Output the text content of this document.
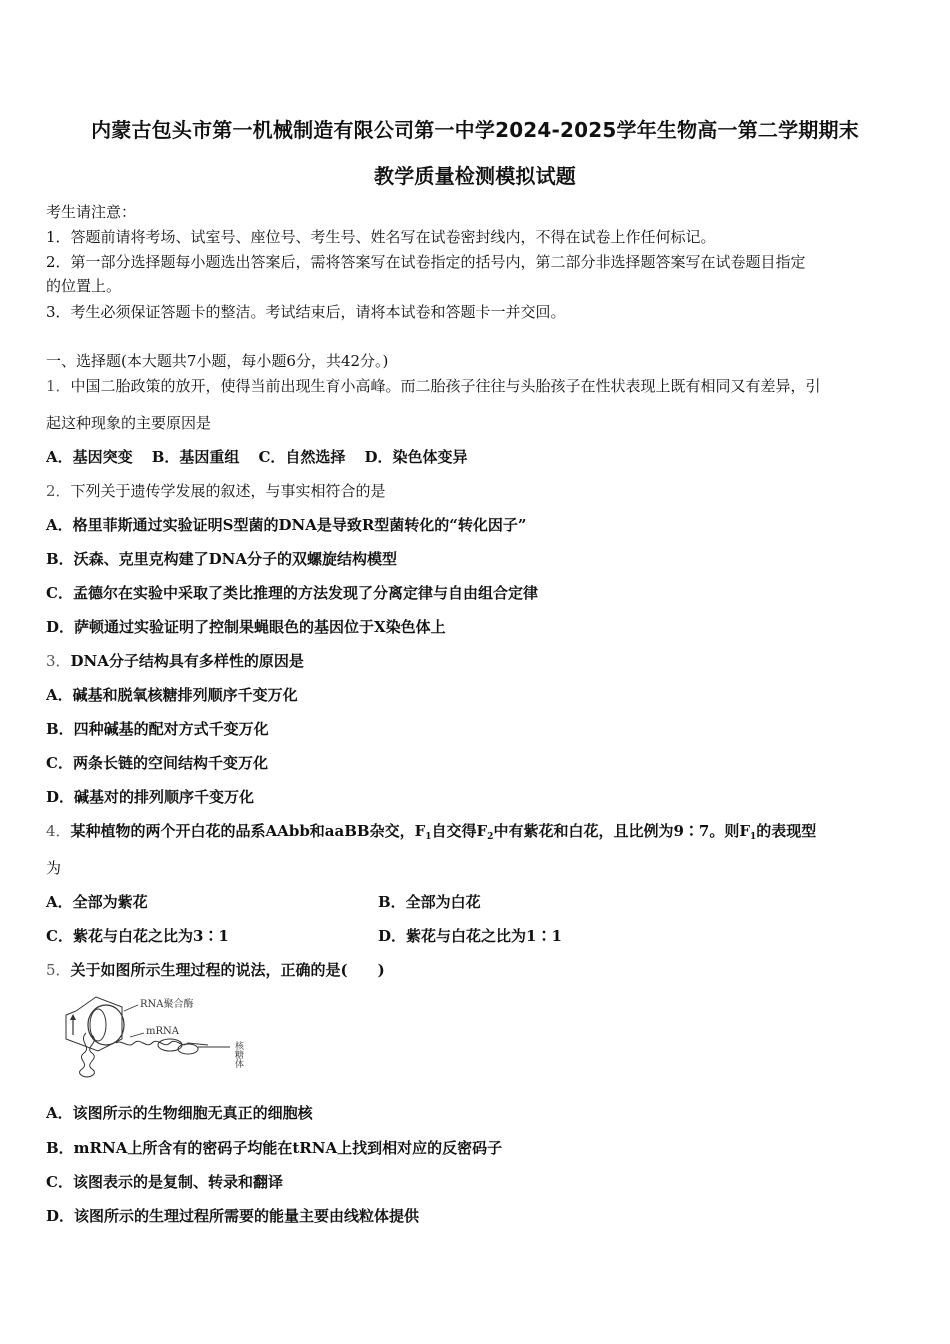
内蒙古包头市第一机械制造有限公司第一中学2024-2025学年生物高一第二学期期末
教学质量检测模拟试题
考生请注意：
1．答题前请将考场、试室号、座位号、考生号、姓名写在试卷密封线内，不得在试卷上作任何标记。
2．第一部分选择题每小题选出答案后，需将答案写在试卷指定的括号内，第二部分非选择题答案写在试卷题目指定
的位置上。
3．考生必须保证答题卡的整洁。考试结束后，请将本试卷和答题卡一并交回。
一、选择题(本大题共7小题，每小题6分，共42分。)
1．中国二胎政策的放开，使得当前出现生育小高峰。而二胎孩子往往与头胎孩子在性状表现上既有相同又有差异，引
起这种现象的主要原因是
A．基因突变 B．基因重组 C．自然选择 D．染色体变异
2．下列关于遗传学发展的叙述，与事实相符合的是
A．格里菲斯通过实验证明S型菌的DNA是导致R型菌转化的“转化因子”
B．沃森、克里克构建了DNA分子的双螺旋结构模型
C．孟德尔在实验中采取了类比推理的方法发现了分离定律与自由组合定律
D．萨顿通过实验证明了控制果蝇眼色的基因位于X染色体上
3．DNA分子结构具有多样性的原因是
A．碱基和脱氧核糖排列顺序千变万化
B．四种碱基的配对方式千变万化
C．两条长链的空间结构千变万化
D．碱基对的排列顺序千变万化
4．某种植物的两个开白花的品系AAbb和aaBB杂交，$F_1$自交得$F_2$中有紫花和白花，且比例为9∶7。则$F_1$的表现型
为
A．全部为紫花	B．全部为白花
C．紫花与白花之比为3∶1	D．紫花与白花之比为1∶1
5．关于如图所示生理过程的说法，正确的是(　　)
RNA聚合酶
mRNA
核糖体
A．该图所示的生物细胞无真正的细胞核
B．mRNA上所含有的密码子均能在tRNA上找到相对应的反密码子
C．该图表示的是复制、转录和翻译
D．该图所示的生理过程所需要的能量主要由线粒体提供
